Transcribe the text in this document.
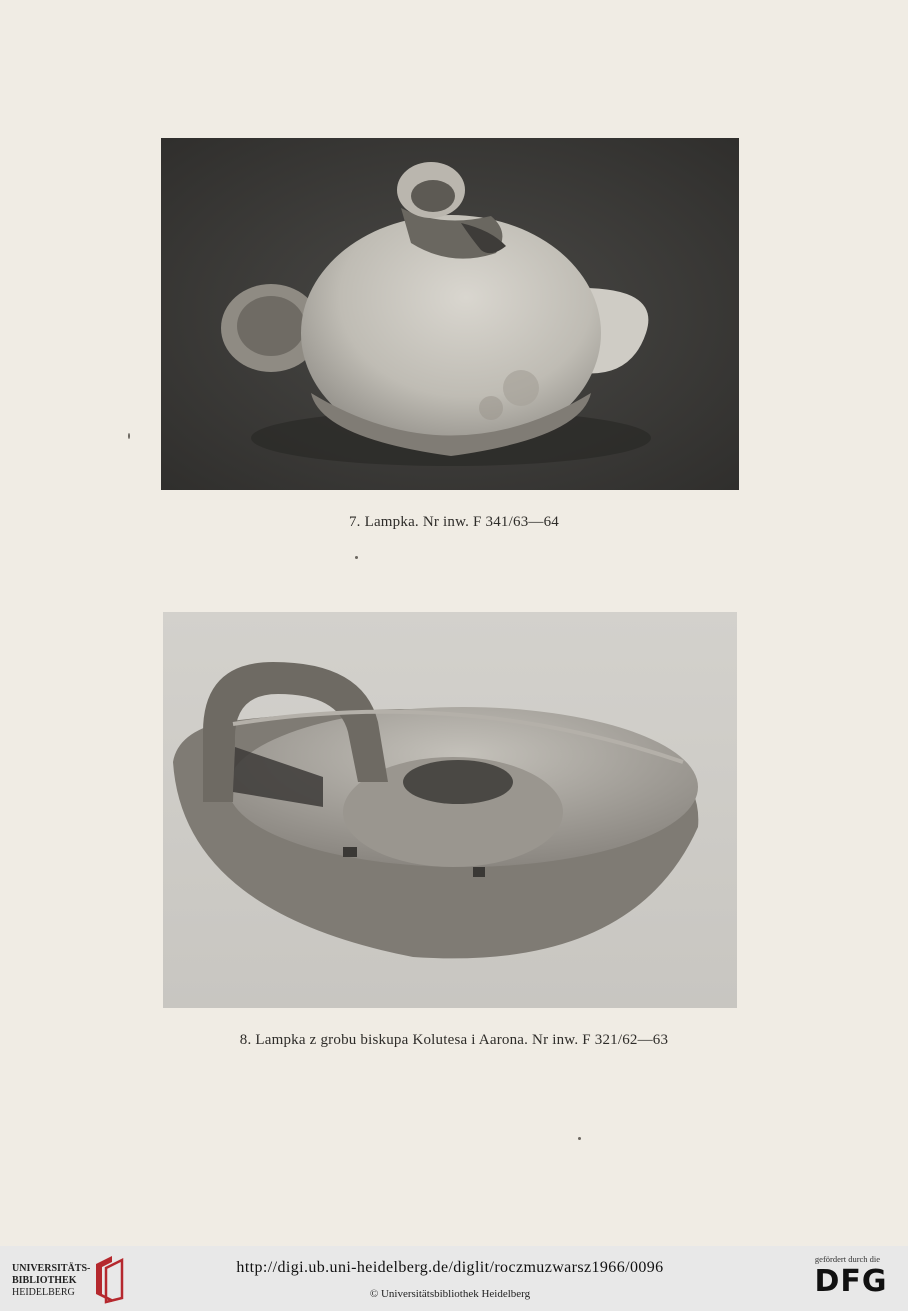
7. Lampka. Nr inw. F 341/63—64
8. Lampka z grobu biskupa Kolutesa i Aarona. Nr inw. F 321/62—63
UNIVERSITÄTS-
BIBLIOTHEK
HEIDELBERG
http://digi.ub.uni-heidelberg.de/diglit/roczmuzwarsz1966/0096
© Universitätsbibliothek Heidelberg
gefördert durch die
DFG
